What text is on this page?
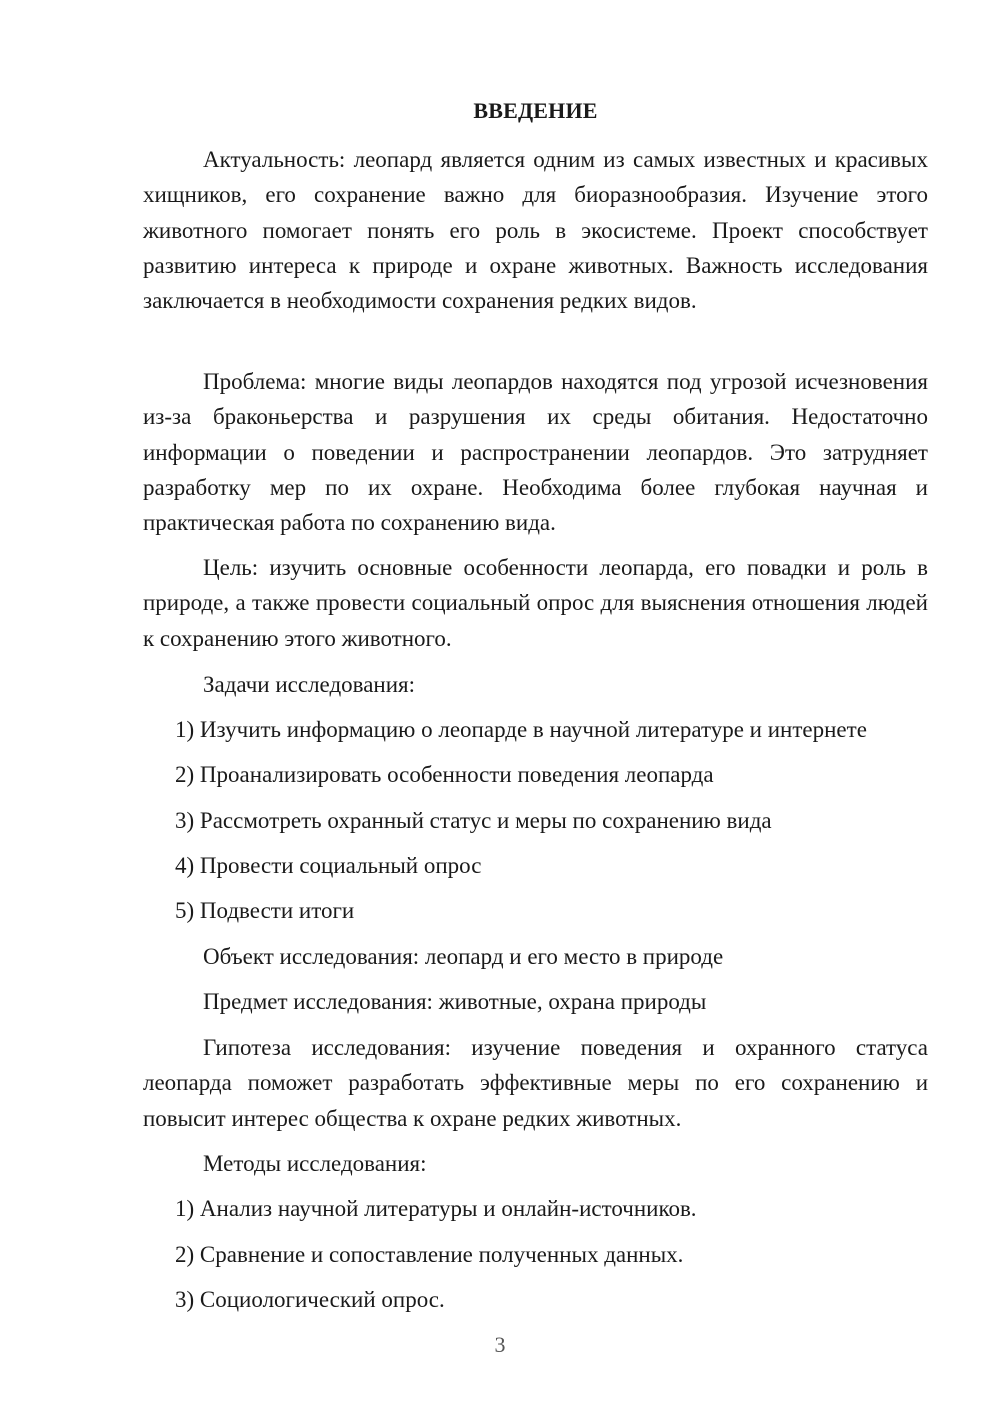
ВВЕДЕНИЕ

Актуальность: леопард является одним из самых известных и красивых хищников, его сохранение важно для биоразнообразия. Изучение этого животного помогает понять его роль в экосистеме. Проект способствует развитию интереса к природе и охране животных. Важность исследования заключается в необходимости сохранения редких видов.

Проблема: многие виды леопардов находятся под угрозой исчезновения из-за браконьерства и разрушения их среды обитания. Недостаточно информации о поведении и распространении леопардов. Это затрудняет разработку мер по их охране. Необходима более глубокая научная и практическая работа по сохранению вида.

Цель: изучить основные особенности леопарда, его повадки и роль в природе, а также провести социальный опрос для выяснения отношения людей к сохранению этого животного.

Задачи исследования:

1) Изучить информацию о леопарде в научной литературе и интернете

2) Проанализировать особенности поведения леопарда

3) Рассмотреть охранный статус и меры по сохранению вида

4) Провести социальный опрос

5) Подвести итоги

Объект исследования: леопард и его место в природе

Предмет исследования: животные, охрана природы

Гипотеза исследования: изучение поведения и охранного статуса леопарда поможет разработать эффективные меры по его сохранению и повысит интерес общества к охране редких животных.

Методы исследования:

1) Анализ научной литературы и онлайн-источников.

2) Сравнение и сопоставление полученных данных.

3) Социологический опрос.

3
